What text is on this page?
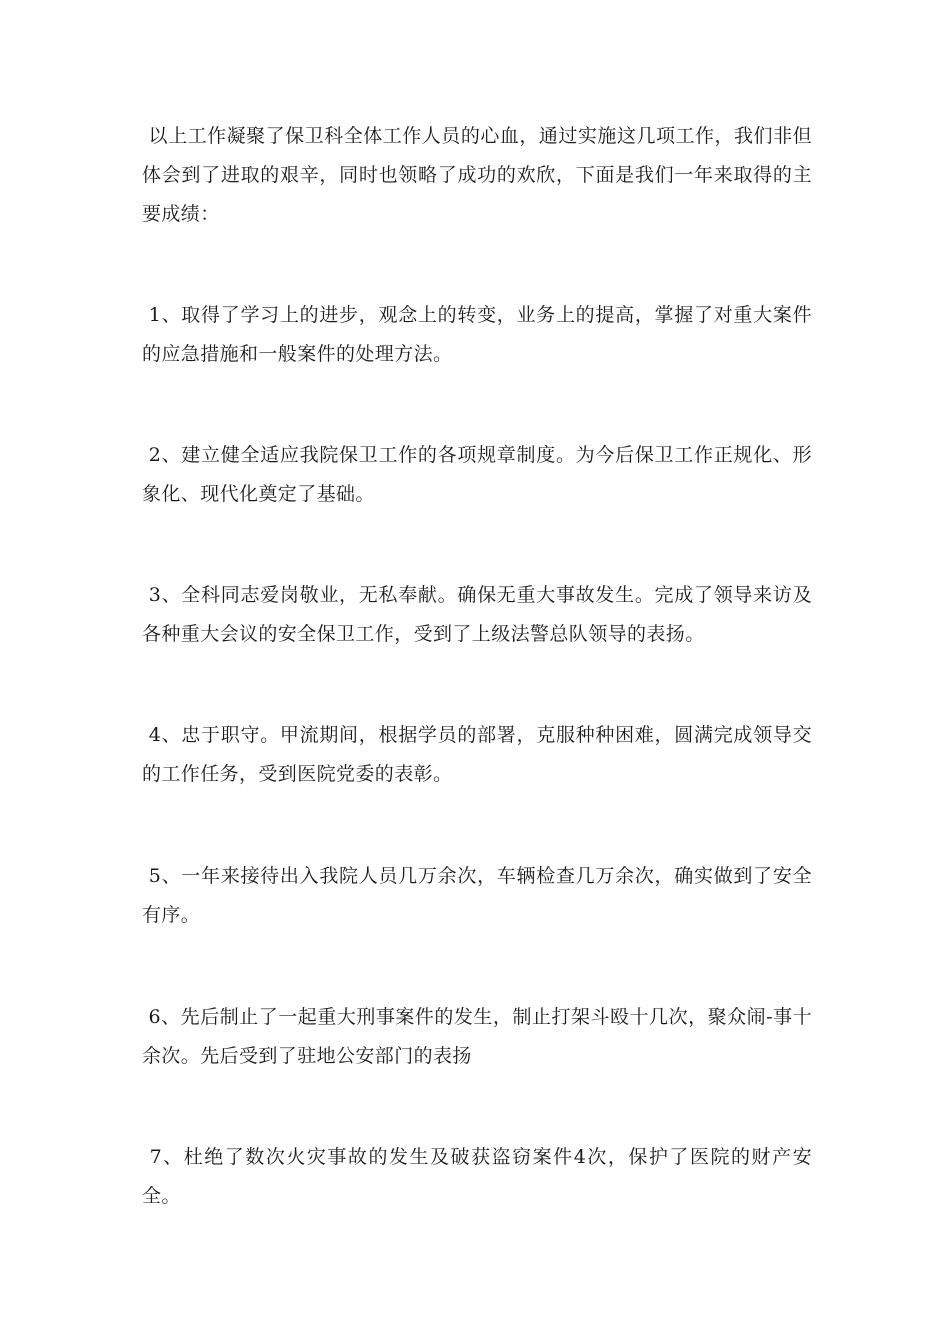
以上工作凝聚了保卫科全体工作人员的心血，通过实施这几项工作，我们非但体会到了进取的艰辛，同时也领略了成功的欢欣，下面是我们一年来取得的主要成绩：

1、取得了学习上的进步，观念上的转变，业务上的提高，掌握了对重大案件的应急措施和一般案件的处理方法。

2、建立健全适应我院保卫工作的各项规章制度。为今后保卫工作正规化、形象化、现代化奠定了基础。

3、全科同志爱岗敬业，无私奉献。确保无重大事故发生。完成了领导来访及各种重大会议的安全保卫工作，受到了上级法警总队领导的表扬。

4、忠于职守。甲流期间，根据学员的部署，克服种种困难，圆满完成领导交的工作任务，受到医院党委的表彰。

5、一年来接待出入我院人员几万余次，车辆检查几万余次，确实做到了安全有序。

6、先后制止了一起重大刑事案件的发生，制止打架斗殴十几次，聚众闹-事十余次。先后受到了驻地公安部门的表扬

7、杜绝了数次火灾事故的发生及破获盗窃案件4次，保护了医院的财产安全。
